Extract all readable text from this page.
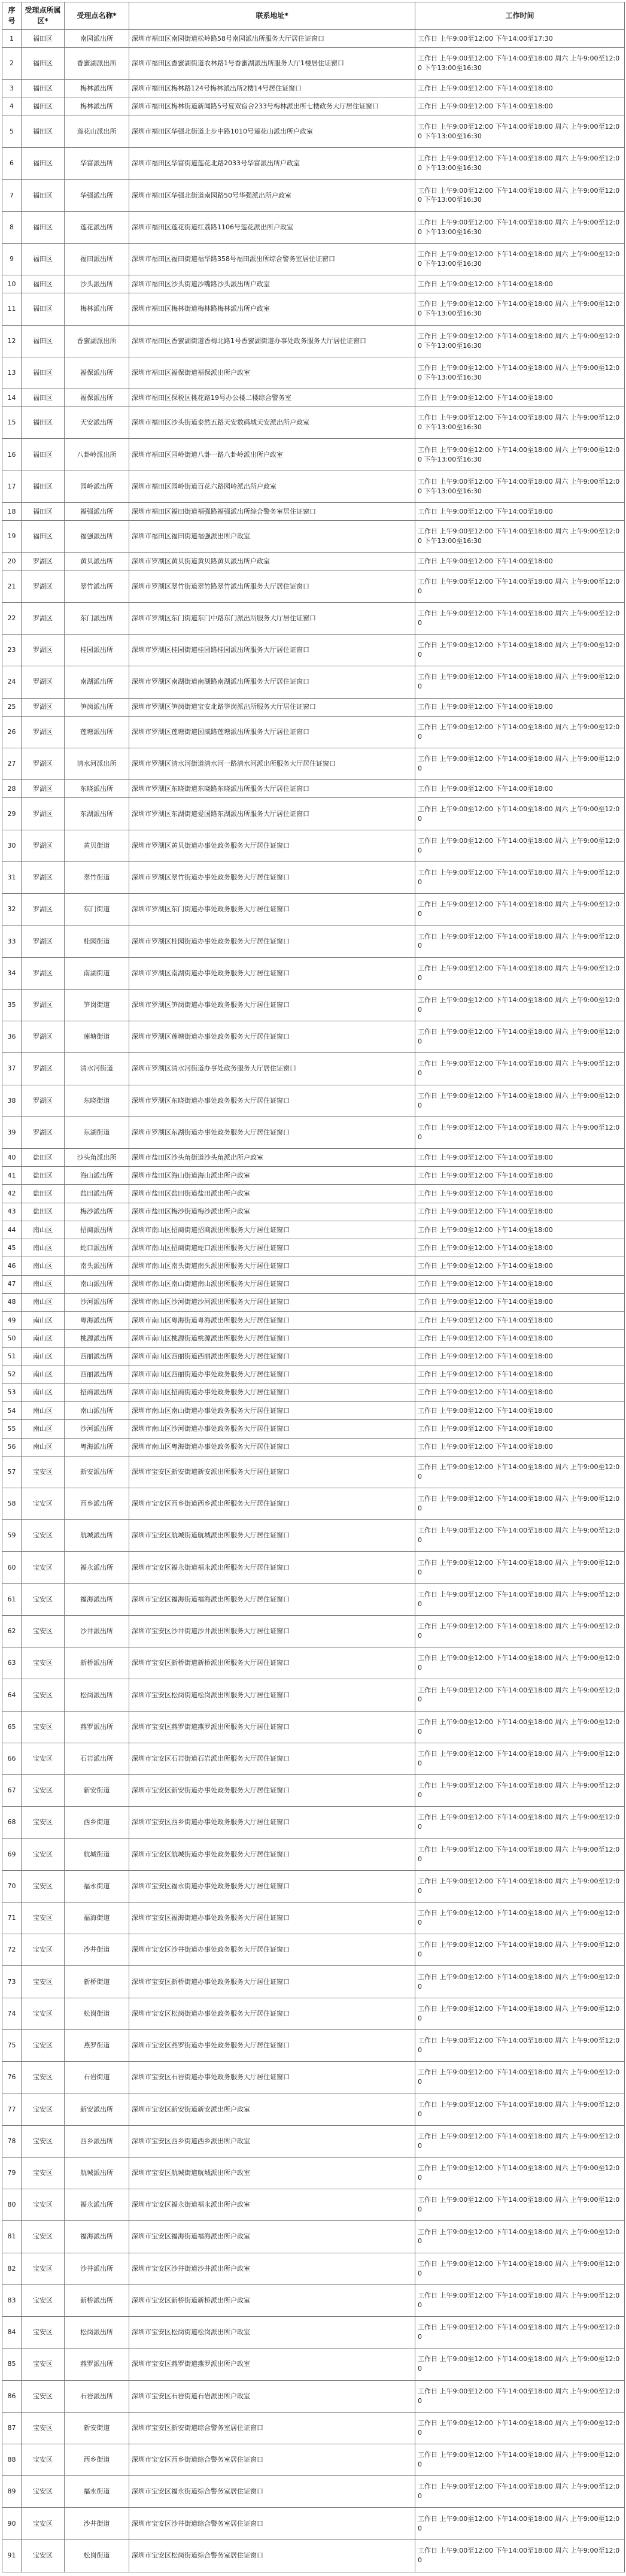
序号	受理点所属区*	受理点名称*	联系地址*	工作时间
1	福田区	南园派出所	深圳市福田区南园街道松岭路58号南园派出所服务大厅居住证窗口	工作日 上午9:00至12:00 下午14:00至17:30
2	福田区	香蜜湖派出所	深圳市福田区香蜜湖街道农林路1号香蜜湖派出所服务大厅1楼居住证窗口	工作日 上午9:00至12:00 下午14:00至18:00 周六 上午9:00至12:00 下午13:00至16:30
3	福田区	梅林派出所	深圳市福田区梅林路124号梅林派出所2楼14号居住证窗口	工作日 上午9:00至12:00 下午14:00至18:00
4	福田区	梅林派出所	深圳市福田区梅林街道新闻路5号夏双宿舍233号梅林派出所七楼政务大厅居住证窗口	工作日 上午9:00至12:00 下午14:00至18:00
5	福田区	莲花山派出所	深圳市福田区华强北街道上步中路1010号莲花山派出所户政室	工作日 上午9:00至12:00 下午14:00至18:00 周六 上午9:00至12:00 下午13:00至16:30
6	福田区	华富派出所	深圳市福田区华富街道莲花北路2033号华富派出所户政室	工作日 上午9:00至12:00 下午14:00至18:00 周六 上午9:00至12:00 下午13:00至16:30
7	福田区	华强派出所	深圳市福田区华强北街道南园路50号华强派出所户政室	工作日 上午9:00至12:00 下午14:00至18:00 周六 上午9:00至12:00 下午13:00至16:30
8	福田区	莲花派出所	深圳市福田区莲花街道红荔路1106号莲花派出所户政室	工作日 上午9:00至12:00 下午14:00至18:00 周六 上午9:00至12:00 下午13:00至16:30
9	福田区	福田派出所	深圳市福田区福田街道福华路358号福田派出所综合警务室居住证窗口	工作日 上午9:00至12:00 下午14:00至18:00 周六 上午9:00至12:00 下午13:00至16:30
10	福田区	沙头派出所	深圳市福田区沙头街道沙嘴路沙头派出所户政室	工作日 上午9:00至12:00 下午14:00至18:00
11	福田区	梅林派出所	深圳市福田区梅林街道梅林路梅林派出所户政室	工作日 上午9:00至12:00 下午14:00至18:00 周六 上午9:00至12:00 下午13:00至16:30
12	福田区	香蜜湖派出所	深圳市福田区香蜜湖街道香梅北路1号香蜜湖街道办事处政务服务大厅居住证窗口	工作日 上午9:00至12:00 下午14:00至18:00 周六 上午9:00至12:00 下午13:00至16:30
13	福田区	福保派出所	深圳市福田区福保街道福保派出所户政室	工作日 上午9:00至12:00 下午14:00至18:00 周六 上午9:00至12:00 下午13:00至16:30
14	福田区	福保派出所	深圳市福田区保税区桃花路19号办公楼二楼综合警务室	工作日 上午9:00至12:00 下午14:00至18:00
15	福田区	天安派出所	深圳市福田区沙头街道泰然五路天安数码城天安派出所户政室	工作日 上午9:00至12:00 下午14:00至18:00 周六 上午9:00至12:00 下午13:00至16:30
16	福田区	八卦岭派出所	深圳市福田区园岭街道八卦一路八卦岭派出所户政室	工作日 上午9:00至12:00 下午14:00至18:00 周六 上午9:00至12:00 下午13:00至16:30
17	福田区	园岭派出所	深圳市福田区园岭街道百花六路园岭派出所户政室	工作日 上午9:00至12:00 下午14:00至18:00 周六 上午9:00至12:00 下午13:00至16:30
18	福田区	福强派出所	深圳市福田区福田街道福强路福强派出所综合警务室居住证窗口	工作日 上午9:00至12:00 下午14:00至18:00
19	福田区	福强派出所	深圳市福田区福田街道福强派出所户政室	工作日 上午9:00至12:00 下午14:00至18:00 周六 上午9:00至12:00 下午13:00至16:30
20	罗湖区	黄贝派出所	深圳市罗湖区黄贝街道黄贝路黄贝派出所户政室	工作日 上午9:00至12:00 下午14:00至18:00
21	罗湖区	翠竹派出所	深圳市罗湖区翠竹街道翠竹路翠竹派出所服务大厅居住证窗口	工作日 上午9:00至12:00 下午14:00至18:00 周六 上午9:00至12:00
22	罗湖区	东门派出所	深圳市罗湖区东门街道东门中路东门派出所服务大厅居住证窗口	工作日 上午9:00至12:00 下午14:00至18:00 周六 上午9:00至12:00
23	罗湖区	桂园派出所	深圳市罗湖区桂园街道桂园路桂园派出所服务大厅居住证窗口	工作日 上午9:00至12:00 下午14:00至18:00 周六 上午9:00至12:00
24	罗湖区	南湖派出所	深圳市罗湖区南湖街道南湖路南湖派出所服务大厅居住证窗口	工作日 上午9:00至12:00 下午14:00至18:00 周六 上午9:00至12:00
25	罗湖区	笋岗派出所	深圳市罗湖区笋岗街道宝安北路笋岗派出所服务大厅居住证窗口	工作日 上午9:00至12:00 下午14:00至18:00
26	罗湖区	莲塘派出所	深圳市罗湖区莲塘街道国威路莲塘派出所服务大厅居住证窗口	工作日 上午9:00至12:00 下午14:00至18:00 周六 上午9:00至12:00
27	罗湖区	清水河派出所	深圳市罗湖区清水河街道清水河一路清水河派出所服务大厅居住证窗口	工作日 上午9:00至12:00 下午14:00至18:00 周六 上午9:00至12:00
28	罗湖区	东晓派出所	深圳市罗湖区东晓街道东晓路东晓派出所服务大厅居住证窗口	工作日 上午9:00至12:00 下午14:00至18:00
29	罗湖区	东湖派出所	深圳市罗湖区东湖街道爱国路东湖派出所服务大厅居住证窗口	工作日 上午9:00至12:00 下午14:00至18:00 周六 上午9:00至12:00
30	罗湖区	黄贝街道	深圳市罗湖区黄贝街道办事处政务服务大厅居住证窗口	工作日 上午9:00至12:00 下午14:00至18:00 周六 上午9:00至12:00
31	罗湖区	翠竹街道	深圳市罗湖区翠竹街道办事处政务服务大厅居住证窗口	工作日 上午9:00至12:00 下午14:00至18:00 周六 上午9:00至12:00
32	罗湖区	东门街道	深圳市罗湖区东门街道办事处政务服务大厅居住证窗口	工作日 上午9:00至12:00 下午14:00至18:00 周六 上午9:00至12:00
33	罗湖区	桂园街道	深圳市罗湖区桂园街道办事处政务服务大厅居住证窗口	工作日 上午9:00至12:00 下午14:00至18:00 周六 上午9:00至12:00
34	罗湖区	南湖街道	深圳市罗湖区南湖街道办事处政务服务大厅居住证窗口	工作日 上午9:00至12:00 下午14:00至18:00 周六 上午9:00至12:00
35	罗湖区	笋岗街道	深圳市罗湖区笋岗街道办事处政务服务大厅居住证窗口	工作日 上午9:00至12:00 下午14:00至18:00 周六 上午9:00至12:00
36	罗湖区	莲塘街道	深圳市罗湖区莲塘街道办事处政务服务大厅居住证窗口	工作日 上午9:00至12:00 下午14:00至18:00 周六 上午9:00至12:00
37	罗湖区	清水河街道	深圳市罗湖区清水河街道办事处政务服务大厅居住证窗口	工作日 上午9:00至12:00 下午14:00至18:00 周六 上午9:00至12:00
38	罗湖区	东晓街道	深圳市罗湖区东晓街道办事处政务服务大厅居住证窗口	工作日 上午9:00至12:00 下午14:00至18:00 周六 上午9:00至12:00
39	罗湖区	东湖街道	深圳市罗湖区东湖街道办事处政务服务大厅居住证窗口	工作日 上午9:00至12:00 下午14:00至18:00 周六 上午9:00至12:00
40	盐田区	沙头角派出所	深圳市盐田区沙头角街道沙头角派出所户政室	工作日 上午9:00至12:00 下午14:00至18:00
41	盐田区	海山派出所	深圳市盐田区海山街道海山派出所户政室	工作日 上午9:00至12:00 下午14:00至18:00
42	盐田区	盐田派出所	深圳市盐田区盐田街道盐田派出所户政室	工作日 上午9:00至12:00 下午14:00至18:00
43	盐田区	梅沙派出所	深圳市盐田区梅沙街道梅沙派出所户政室	工作日 上午9:00至12:00 下午14:00至18:00
44	南山区	招商派出所	深圳市南山区招商街道招商派出所服务大厅居住证窗口	工作日 上午9:00至12:00 下午14:00至18:00
45	南山区	蛇口派出所	深圳市南山区招商街道蛇口派出所服务大厅居住证窗口	工作日 上午9:00至12:00 下午14:00至18:00
46	南山区	南头派出所	深圳市南山区南头街道南头派出所服务大厅居住证窗口	工作日 上午9:00至12:00 下午14:00至18:00
47	南山区	南山派出所	深圳市南山区南山街道南山派出所服务大厅居住证窗口	工作日 上午9:00至12:00 下午14:00至18:00
48	南山区	沙河派出所	深圳市南山区沙河街道沙河派出所服务大厅居住证窗口	工作日 上午9:00至12:00 下午14:00至18:00
49	南山区	粤海派出所	深圳市南山区粤海街道粤海派出所服务大厅居住证窗口	工作日 上午9:00至12:00 下午14:00至18:00
50	南山区	桃源派出所	深圳市南山区桃源街道桃源派出所服务大厅居住证窗口	工作日 上午9:00至12:00 下午14:00至18:00
51	南山区	西丽派出所	深圳市南山区西丽街道西丽派出所服务大厅居住证窗口	工作日 上午9:00至12:00 下午14:00至18:00
52	南山区	西丽派出所	深圳市南山区西丽街道办事处政务服务大厅居住证窗口	工作日 上午9:00至12:00 下午14:00至18:00
53	南山区	招商派出所	深圳市南山区招商街道办事处政务服务大厅居住证窗口	工作日 上午9:00至12:00 下午14:00至18:00
54	南山区	南山派出所	深圳市南山区南山街道办事处政务服务大厅居住证窗口	工作日 上午9:00至12:00 下午14:00至18:00
55	南山区	沙河派出所	深圳市南山区沙河街道办事处政务服务大厅居住证窗口	工作日 上午9:00至12:00 下午14:00至18:00
56	南山区	粤海派出所	深圳市南山区粤海街道办事处政务服务大厅居住证窗口	工作日 上午9:00至12:00 下午14:00至18:00
57	宝安区	新安派出所	深圳市宝安区新安街道新安派出所服务大厅居住证窗口	工作日 上午9:00至12:00 下午14:00至18:00 周六 上午9:00至12:00
58	宝安区	西乡派出所	深圳市宝安区西乡街道西乡派出所服务大厅居住证窗口	工作日 上午9:00至12:00 下午14:00至18:00 周六 上午9:00至12:00
59	宝安区	航城派出所	深圳市宝安区航城街道航城派出所服务大厅居住证窗口	工作日 上午9:00至12:00 下午14:00至18:00 周六 上午9:00至12:00
60	宝安区	福永派出所	深圳市宝安区福永街道福永派出所服务大厅居住证窗口	工作日 上午9:00至12:00 下午14:00至18:00 周六 上午9:00至12:00
61	宝安区	福海派出所	深圳市宝安区福海街道福海派出所服务大厅居住证窗口	工作日 上午9:00至12:00 下午14:00至18:00 周六 上午9:00至12:00
62	宝安区	沙井派出所	深圳市宝安区沙井街道沙井派出所服务大厅居住证窗口	工作日 上午9:00至12:00 下午14:00至18:00 周六 上午9:00至12:00
63	宝安区	新桥派出所	深圳市宝安区新桥街道新桥派出所服务大厅居住证窗口	工作日 上午9:00至12:00 下午14:00至18:00 周六 上午9:00至12:00
64	宝安区	松岗派出所	深圳市宝安区松岗街道松岗派出所服务大厅居住证窗口	工作日 上午9:00至12:00 下午14:00至18:00 周六 上午9:00至12:00
65	宝安区	燕罗派出所	深圳市宝安区燕罗街道燕罗派出所服务大厅居住证窗口	工作日 上午9:00至12:00 下午14:00至18:00 周六 上午9:00至12:00
66	宝安区	石岩派出所	深圳市宝安区石岩街道石岩派出所服务大厅居住证窗口	工作日 上午9:00至12:00 下午14:00至18:00 周六 上午9:00至12:00
67	宝安区	新安街道	深圳市宝安区新安街道办事处政务服务大厅居住证窗口	工作日 上午9:00至12:00 下午14:00至18:00 周六 上午9:00至12:00
68	宝安区	西乡街道	深圳市宝安区西乡街道办事处政务服务大厅居住证窗口	工作日 上午9:00至12:00 下午14:00至18:00 周六 上午9:00至12:00
69	宝安区	航城街道	深圳市宝安区航城街道办事处政务服务大厅居住证窗口	工作日 上午9:00至12:00 下午14:00至18:00 周六 上午9:00至12:00
70	宝安区	福永街道	深圳市宝安区福永街道办事处政务服务大厅居住证窗口	工作日 上午9:00至12:00 下午14:00至18:00 周六 上午9:00至12:00
71	宝安区	福海街道	深圳市宝安区福海街道办事处政务服务大厅居住证窗口	工作日 上午9:00至12:00 下午14:00至18:00 周六 上午9:00至12:00
72	宝安区	沙井街道	深圳市宝安区沙井街道办事处政务服务大厅居住证窗口	工作日 上午9:00至12:00 下午14:00至18:00 周六 上午9:00至12:00
73	宝安区	新桥街道	深圳市宝安区新桥街道办事处政务服务大厅居住证窗口	工作日 上午9:00至12:00 下午14:00至18:00 周六 上午9:00至12:00
74	宝安区	松岗街道	深圳市宝安区松岗街道办事处政务服务大厅居住证窗口	工作日 上午9:00至12:00 下午14:00至18:00 周六 上午9:00至12:00
75	宝安区	燕罗街道	深圳市宝安区燕罗街道办事处政务服务大厅居住证窗口	工作日 上午9:00至12:00 下午14:00至18:00 周六 上午9:00至12:00
76	宝安区	石岩街道	深圳市宝安区石岩街道办事处政务服务大厅居住证窗口	工作日 上午9:00至12:00 下午14:00至18:00 周六 上午9:00至12:00
77	宝安区	新安派出所	深圳市宝安区新安街道新安派出所户政室	工作日 上午9:00至12:00 下午14:00至18:00 周六 上午9:00至12:00
78	宝安区	西乡派出所	深圳市宝安区西乡街道西乡派出所户政室	工作日 上午9:00至12:00 下午14:00至18:00 周六 上午9:00至12:00
79	宝安区	航城派出所	深圳市宝安区航城街道航城派出所户政室	工作日 上午9:00至12:00 下午14:00至18:00 周六 上午9:00至12:00
80	宝安区	福永派出所	深圳市宝安区福永街道福永派出所户政室	工作日 上午9:00至12:00 下午14:00至18:00 周六 上午9:00至12:00
81	宝安区	福海派出所	深圳市宝安区福海街道福海派出所户政室	工作日 上午9:00至12:00 下午14:00至18:00 周六 上午9:00至12:00
82	宝安区	沙井派出所	深圳市宝安区沙井街道沙井派出所户政室	工作日 上午9:00至12:00 下午14:00至18:00 周六 上午9:00至12:00
83	宝安区	新桥派出所	深圳市宝安区新桥街道新桥派出所户政室	工作日 上午9:00至12:00 下午14:00至18:00 周六 上午9:00至12:00
84	宝安区	松岗派出所	深圳市宝安区松岗街道松岗派出所户政室	工作日 上午9:00至12:00 下午14:00至18:00 周六 上午9:00至12:00
85	宝安区	燕罗派出所	深圳市宝安区燕罗街道燕罗派出所户政室	工作日 上午9:00至12:00 下午14:00至18:00 周六 上午9:00至12:00
86	宝安区	石岩派出所	深圳市宝安区石岩街道石岩派出所户政室	工作日 上午9:00至12:00 下午14:00至18:00 周六 上午9:00至12:00
87	宝安区	新安街道	深圳市宝安区新安街道综合警务室居住证窗口	工作日 上午9:00至12:00 下午14:00至18:00 周六 上午9:00至12:00
88	宝安区	西乡街道	深圳市宝安区西乡街道综合警务室居住证窗口	工作日 上午9:00至12:00 下午14:00至18:00 周六 上午9:00至12:00
89	宝安区	福永街道	深圳市宝安区福永街道综合警务室居住证窗口	工作日 上午9:00至12:00 下午14:00至18:00 周六 上午9:00至12:00
90	宝安区	沙井街道	深圳市宝安区沙井街道综合警务室居住证窗口	工作日 上午9:00至12:00 下午14:00至18:00 周六 上午9:00至12:00
91	宝安区	松岗街道	深圳市宝安区松岗街道综合警务室居住证窗口	工作日 上午9:00至12:00 下午14:00至18:00 周六 上午9:00至12:00
